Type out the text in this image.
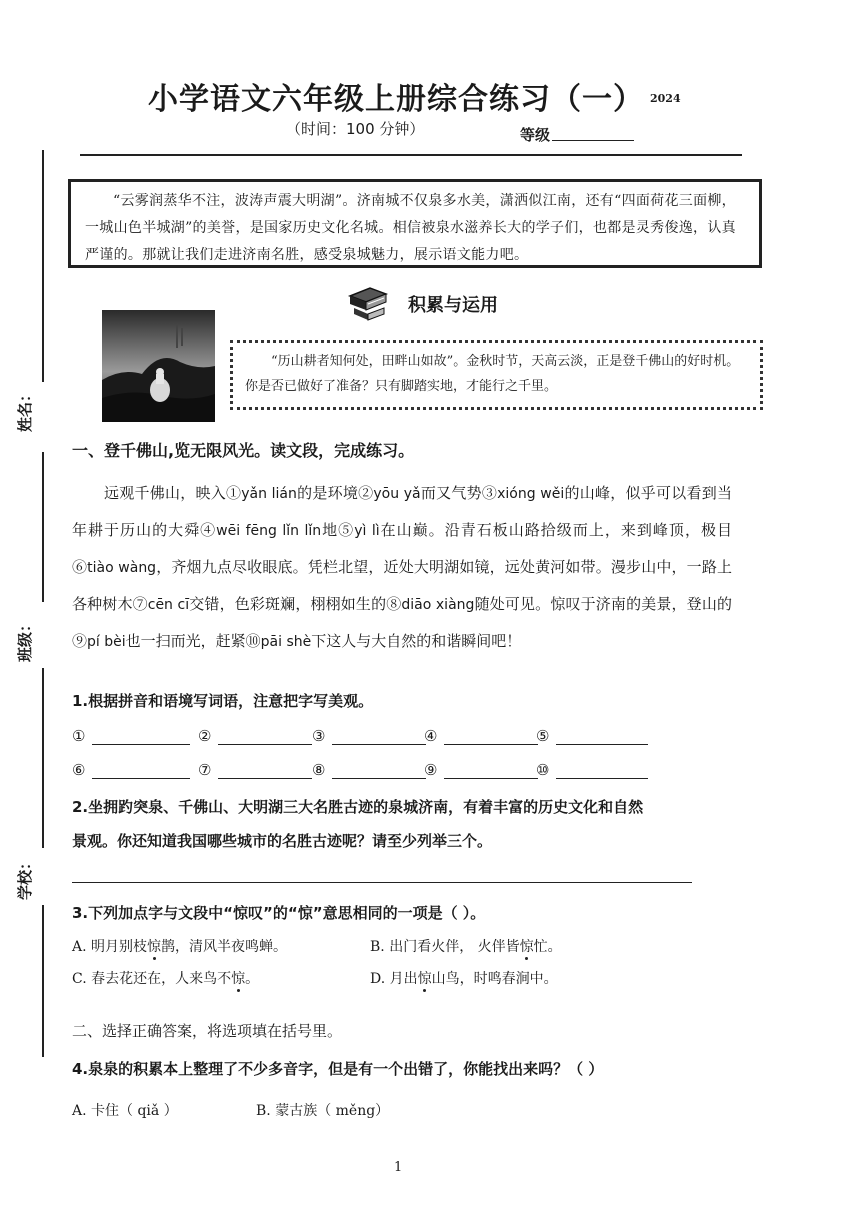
姓名：
班级：
学校：
小学语文六年级上册综合练习（一） 2024
（时间：100 分钟）	等级
“云雾润蒸华不注，波涛声震大明湖”。济南城不仅泉多水美，潇洒似江南，还有“四面荷花三面柳，一城山色半城湖”的美誉，是国家历史文化名城。相信被泉水滋养长大的学子们，也都是灵秀俊逸，认真严谨的。那就让我们走进济南名胜，感受泉城魅力，展示语文能力吧。
积累与运用
“历山耕者知何处，田畔山如故”。金秋时节，天高云淡，正是登千佛山的好时机。你是否已做好了准备？只有脚踏实地，才能行之千里。
一、登千佛山,览无限风光。读文段，完成练习。
远观千佛山，映入①yǎn lián的是环境②yōu yǎ而又气势③xióng wěi的山峰，似乎可以看到当年耕于历山的大舜④wēi fēng lǐn lǐn地⑤yì lì在山巅。沿青石板山路拾级而上，来到峰顶，极目⑥tiào wàng，齐烟九点尽收眼底。凭栏北望，近处大明湖如镜，远处黄河如带。漫步山中，一路上各种树木⑦cēn cī交错，色彩斑斓，栩栩如生的⑧diāo xiàng随处可见。惊叹于济南的美景，登山的⑨pí bèi也一扫而光，赶紧⑩pāi shè下这人与大自然的和谐瞬间吧！
1.根据拼音和语境写词语，注意把字写美观。
①	②	③	④	⑤
⑥	⑦	⑧	⑨	⑩
2.坐拥趵突泉、千佛山、大明湖三大名胜古迹的泉城济南，有着丰富的历史文化和自然
景观。你还知道我国哪些城市的名胜古迹呢？请至少列举三个。
3.下列加点字与文段中“惊叹”的“惊”意思相同的一项是（ ）。
A. 明月别枝惊鹊，清风半夜鸣蝉。	B. 出门看火伴， 火伴皆惊忙。
C. 春去花还在，人来鸟不惊。	D. 月出惊山鸟，时鸣春涧中。
二、选择正确答案，将选项填在括号里。
4.泉泉的积累本上整理了不少多音字，但是有一个出错了，你能找出来吗？（ ）
A. 卡住（ qiǎ ）	B. 蒙古族（ měng）
1
